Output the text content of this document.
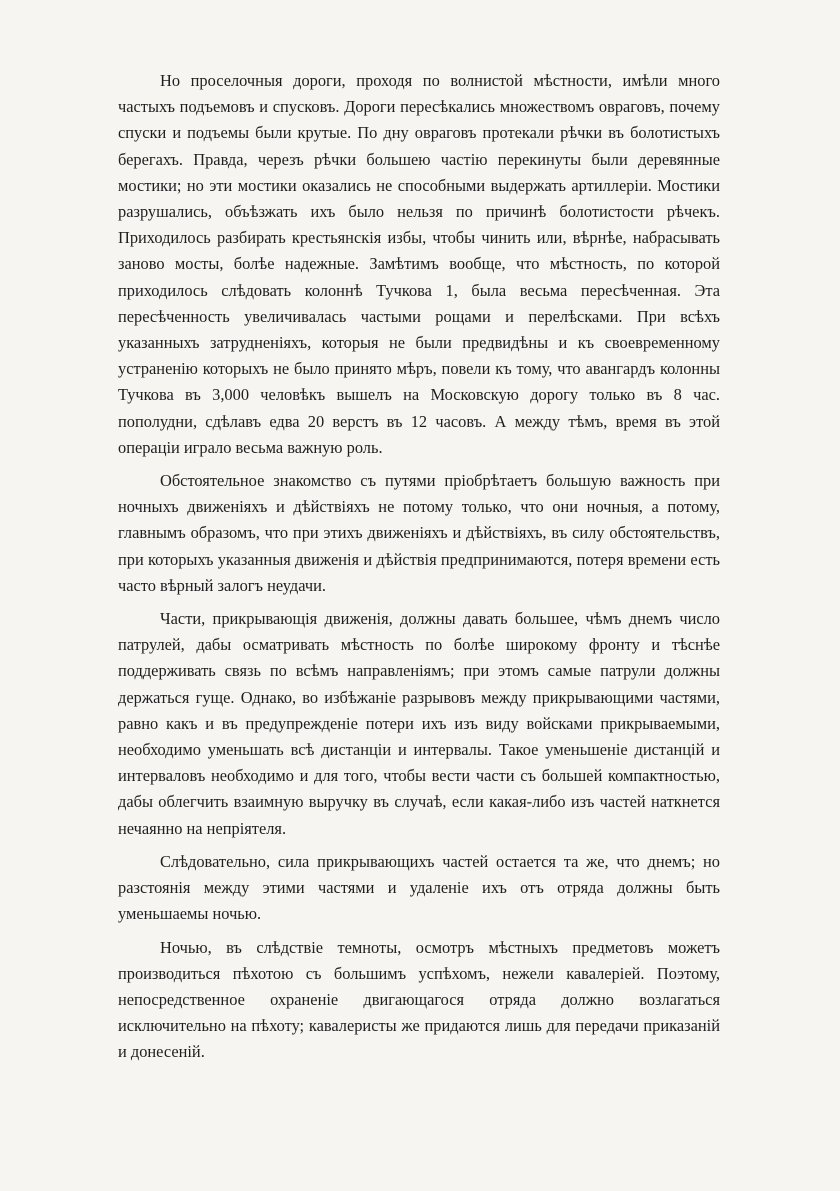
Но проселочныя дороги, проходя по волнистой мѣстности, имѣли много частыхъ подъемовъ и спусковъ. Дороги пересѣкались множествомъ овраговъ, почему спуски и подъемы были крутые. По дну овраговъ протекали рѣчки въ болотистыхъ берегахъ. Правда, черезъ рѣчки большею частію перекинуты были деревянные мостики; но эти мостики оказались не способными выдержать артиллеріи. Мостики разрушались, объѣзжать ихъ было нельзя по причинѣ болотистости рѣчекъ. Приходилось разбирать крестьянскія избы, чтобы чинить или, вѣрнѣе, набрасывать заново мосты, болѣе надежные. Замѣтимъ вообще, что мѣстность, по которой приходилось слѣдовать колоннѣ Тучкова 1, была весьма пересѣченная. Эта пересѣченность увеличивалась частыми рощами и перелѣсками. При всѣхъ указанныхъ затрудненіяхъ, которыя не были предвидѣны и къ своевременному устраненію которыхъ не было принято мѣръ, повели къ тому, что авангардъ колонны Тучкова въ 3,000 человѣкъ вышелъ на Московскую дорогу только въ 8 час. пополудни, сдѣлавъ едва 20 верстъ въ 12 часовъ. А между тѣмъ, время въ этой операціи играло весьма важную роль.

Обстоятельное знакомство съ путями пріобрѣтаетъ большую важность при ночныхъ движеніяхъ и дѣйствіяхъ не потому только, что они ночныя, а потому, главнымъ образомъ, что при этихъ движеніяхъ и дѣйствіяхъ, въ силу обстоятельствъ, при которыхъ указанныя движенія и дѣйствія предпринимаются, потеря времени есть часто вѣрный залогъ неудачи.

Части, прикрывающія движенія, должны давать большее, чѣмъ днемъ число патрулей, дабы осматривать мѣстность по болѣе широкому фронту и тѣснѣе поддерживать связь по всѣмъ направленіямъ; при этомъ самые патрули должны держаться гуще. Однако, во избѣжаніе разрывовъ между прикрывающими частями, равно какъ и въ предупрежденіе потери ихъ изъ виду войсками прикрываемыми, необходимо уменьшать всѣ дистанціи и интервалы. Такое уменьшеніе дистанцій и интерваловъ необходимо и для того, чтобы вести части съ большей компактностью, дабы облегчить взаимную выручку въ случаѣ, если какая-либо изъ частей наткнется нечаянно на непріятеля.

Слѣдовательно, сила прикрывающихъ частей остается та же, что днемъ; но разстоянія между этими частями и удаленіе ихъ отъ отряда должны быть уменьшаемы ночью.

Ночью, въ слѣдствіе темноты, осмотръ мѣстныхъ предметовъ можетъ производиться пѣхотою съ большимъ успѣхомъ, нежели кавалеріей. Поэтому, непосредственное охраненіе двигающагося отряда должно возлагаться исключительно на пѣхоту; кавалеристы же придаются лишь для передачи приказаній и донесеній.
